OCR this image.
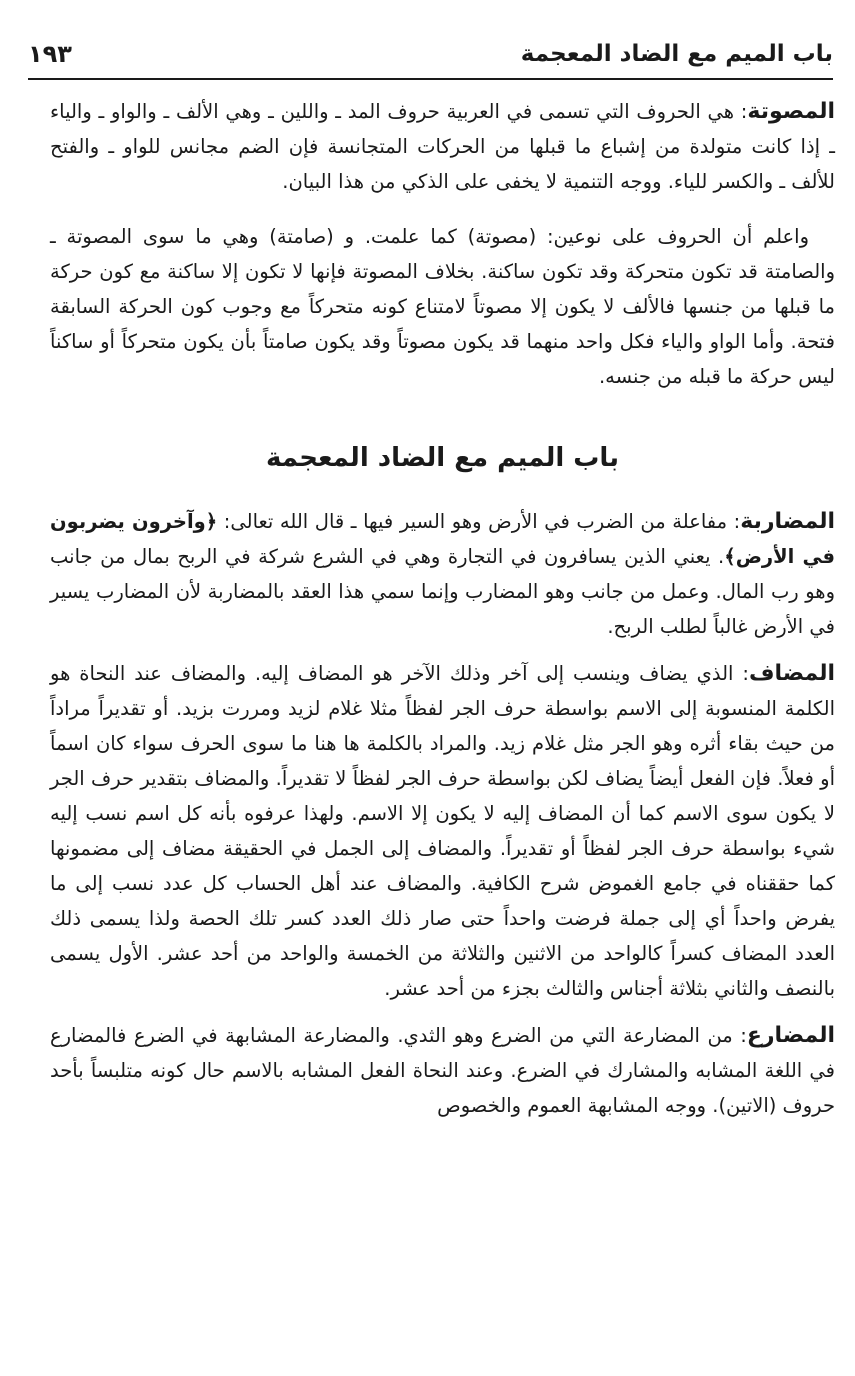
باب الميم مع الضاد المعجمة
١٩٣

المصوتة: هي الحروف التي تسمى في العربية حروف المد ـ واللين ـ وهي الألف ـ والواو ـ والياء ـ إذا كانت متولدة من إشباع ما قبلها من الحركات المتجانسة فإن الضم مجانس للواو ـ والفتح للألف ـ والكسر للياء. ووجه التنمية لا يخفى على الذكي من هذا البيان.

واعلم أن الحروف على نوعين: (مصوتة) كما علمت. و (صامتة) وهي ما سوى المصوتة ـ والصامتة قد تكون متحركة وقد تكون ساكنة. بخلاف المصوتة فإنها لا تكون إلا ساكنة مع كون حركة ما قبلها من جنسها فالألف لا يكون إلا مصوتاً لامتناع كونه متحركاً مع وجوب كون الحركة السابقة فتحة. وأما الواو والياء فكل واحد منهما قد يكون مصوتاً وقد يكون صامتاً بأن يكون متحركاً أو ساكناً ليس حركة ما قبله من جنسه.

باب الميم مع الضاد المعجمة

المضاربة: مفاعلة من الضرب في الأرض وهو السير فيها ـ قال الله تعالى: ﴿وآخرون يضربون في الأرض﴾. يعني الذين يسافرون في التجارة وهي في الشرع شركة في الربح بمال من جانب وهو رب المال. وعمل من جانب وهو المضارب وإنما سمي هذا العقد بالمضاربة لأن المضارب يسير في الأرض غالباً لطلب الربح.

المضاف: الذي يضاف وينسب إلى آخر وذلك الآخر هو المضاف إليه. والمضاف عند النحاة هو الكلمة المنسوبة إلى الاسم بواسطة حرف الجر لفظاً مثلا غلام لزيد ومررت بزيد. أو تقديراً مراداً من حيث بقاء أثره وهو الجر مثل غلام زيد. والمراد بالكلمة ها هنا ما سوى الحرف سواء كان اسماً أو فعلاً. فإن الفعل أيضاً يضاف لكن بواسطة حرف الجر لفظاً لا تقديراً. والمضاف بتقدير حرف الجر لا يكون سوى الاسم كما أن المضاف إليه لا يكون إلا الاسم. ولهذا عرفوه بأنه كل اسم نسب إليه شيء بواسطة حرف الجر لفظاً أو تقديراً. والمضاف إلى الجمل في الحقيقة مضاف إلى مضمونها كما حققناه في جامع الغموض شرح الكافية. والمضاف عند أهل الحساب كل عدد نسب إلى ما يفرض واحداً أي إلى جملة فرضت واحداً حتى صار ذلك العدد كسر تلك الحصة ولذا يسمى ذلك العدد المضاف كسراً كالواحد من الاثنين والثلاثة من الخمسة والواحد من أحد عشر. الأول يسمى بالنصف والثاني بثلاثة أجناس والثالث بجزء من أحد عشر.

المضارع: من المضارعة التي من الضرع وهو الثدي. والمضارعة المشابهة في الضرع فالمضارع في اللغة المشابه والمشارك في الضرع. وعند النحاة الفعل المشابه بالاسم حال كونه متلبساً بأحد حروف (الاتين). ووجه المشابهة العموم والخصوص
